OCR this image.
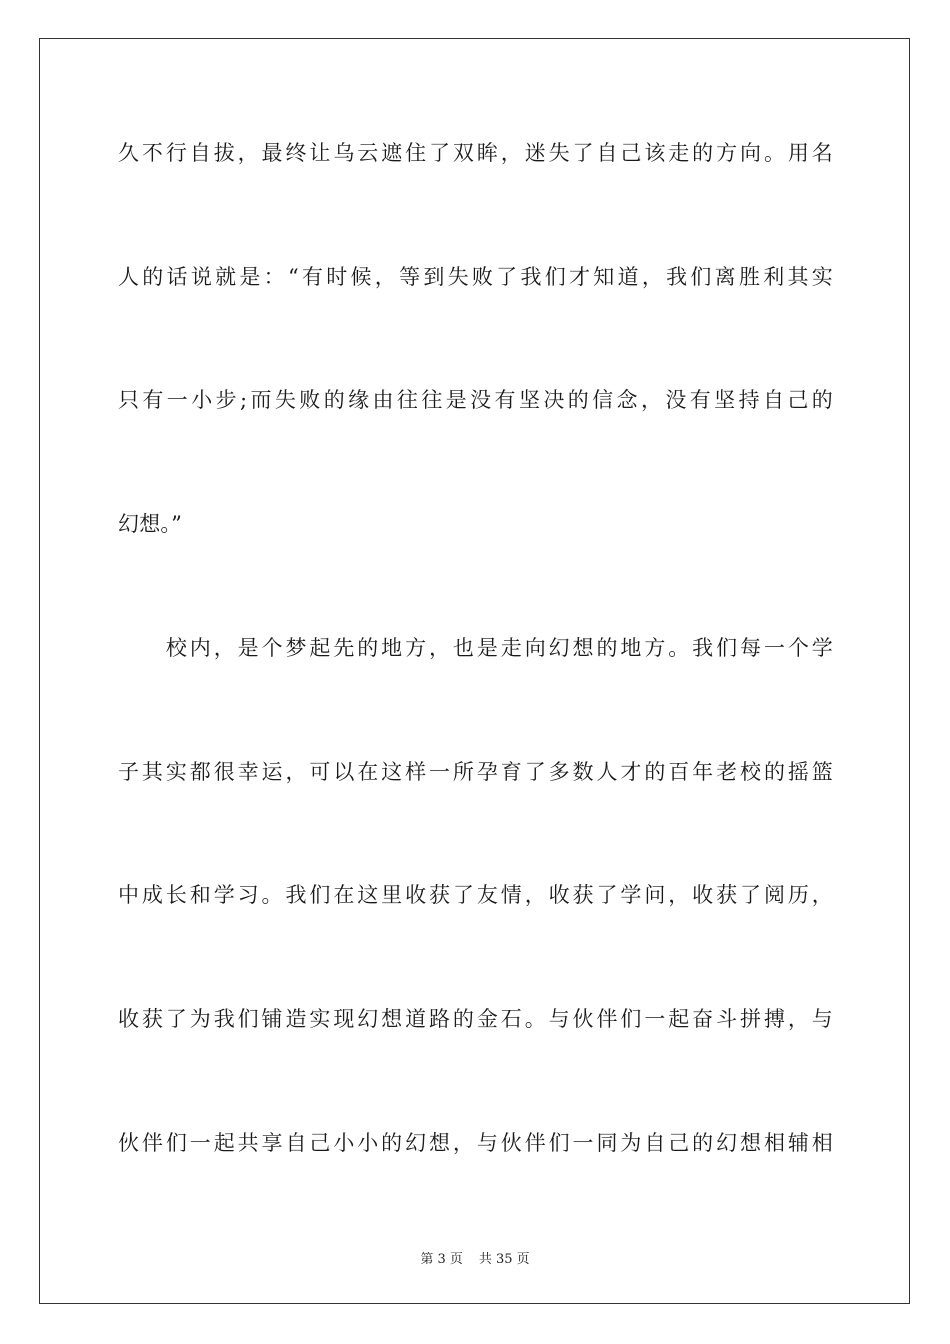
久不行自拔，最终让乌云遮住了双眸，迷失了自己该走的方向。用名
人的话说就是：“有时候，等到失败了我们才知道，我们离胜利其实
只有一小步;而失败的缘由往往是没有坚决的信念，没有坚持自己的
幻想。”
　　校内，是个梦起先的地方，也是走向幻想的地方。我们每一个学
子其实都很幸运，可以在这样一所孕育了多数人才的百年老校的摇篮
中成长和学习。我们在这里收获了友情，收获了学问，收获了阅历，
收获了为我们铺造实现幻想道路的金石。与伙伴们一起奋斗拼搏，与
伙伴们一起共享自己小小的幻想，与伙伴们一同为自己的幻想相辅相
第 3 页 共 35 页
